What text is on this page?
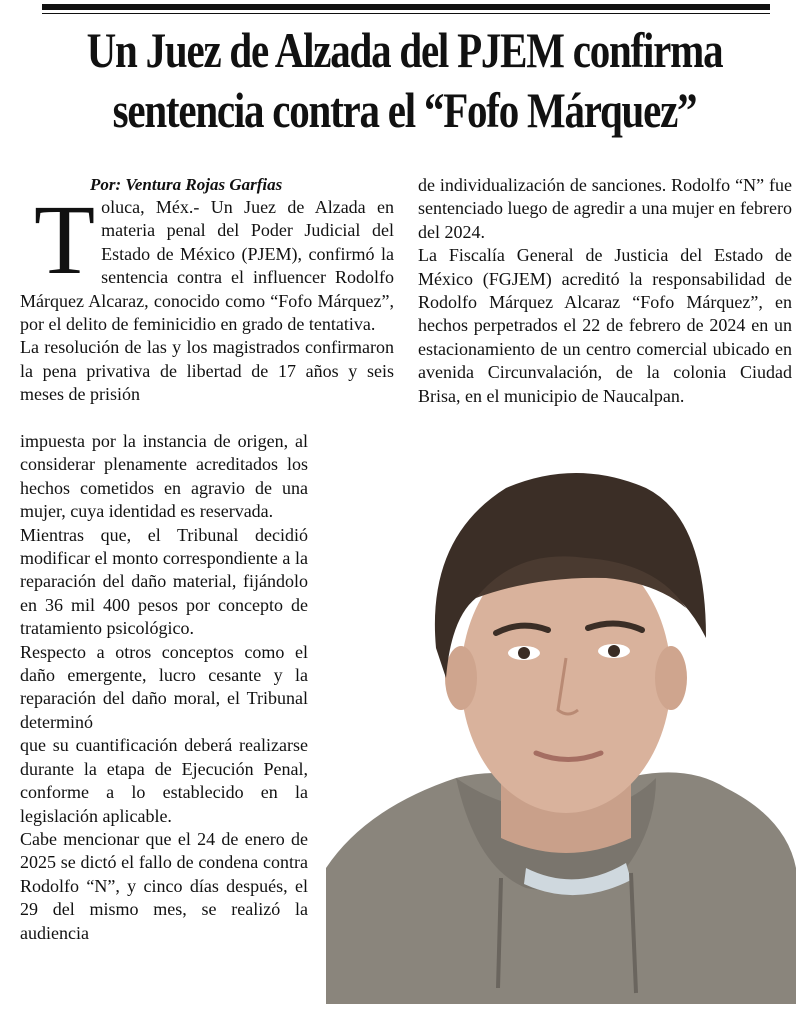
Un Juez de Alzada del PJEM confirma sentencia contra el “Fofo Márquez”

Por: Ventura Rojas Garfias

Toluca, Méx.- Un Juez de Alzada en materia penal del Poder Judicial del Estado de México (PJEM), confirmó la sentencia contra el influencer Rodolfo Márquez Alcaraz, conocido como “Fofo Márquez”, por el delito de feminicidio en grado de tentativa.

La resolución de las y los magistrados confirmaron la pena privativa de libertad de 17 años y seis meses de prisión

impuesta por la instancia de origen, al considerar plenamente acreditados los hechos cometidos en agravio de una mujer, cuya identidad es reservada.

Mientras que, el Tribunal decidió modificar el monto correspondiente a la reparación del daño material, fijándolo en 36 mil 400 pesos por concepto de tratamiento psicológico.

Respecto a otros conceptos como el daño emergente, lucro cesante y la reparación del daño moral, el Tribunal determinó

que su cuantificación deberá realizarse durante la etapa de Ejecución Penal, conforme a lo establecido en la legislación aplicable.

Cabe mencionar que el 24 de enero de 2025 se dictó el fallo de condena contra Rodolfo “N”, y cinco días después, el 29 del mismo mes, se realizó la audiencia

de individualización de sanciones. Rodolfo “N” fue sentenciado luego de agredir a una mujer en febrero del 2024.

La Fiscalía General de Justicia del Estado de México (FGJEM) acreditó la responsabilidad de Rodolfo Márquez Alcaraz “Fofo Márquez”, en hechos perpetrados el 22 de febrero de 2024 en un estacionamiento de un centro comercial ubicado en avenida Circunvalación, de la colonia Ciudad Brisa, en el municipio de Naucalpan.
